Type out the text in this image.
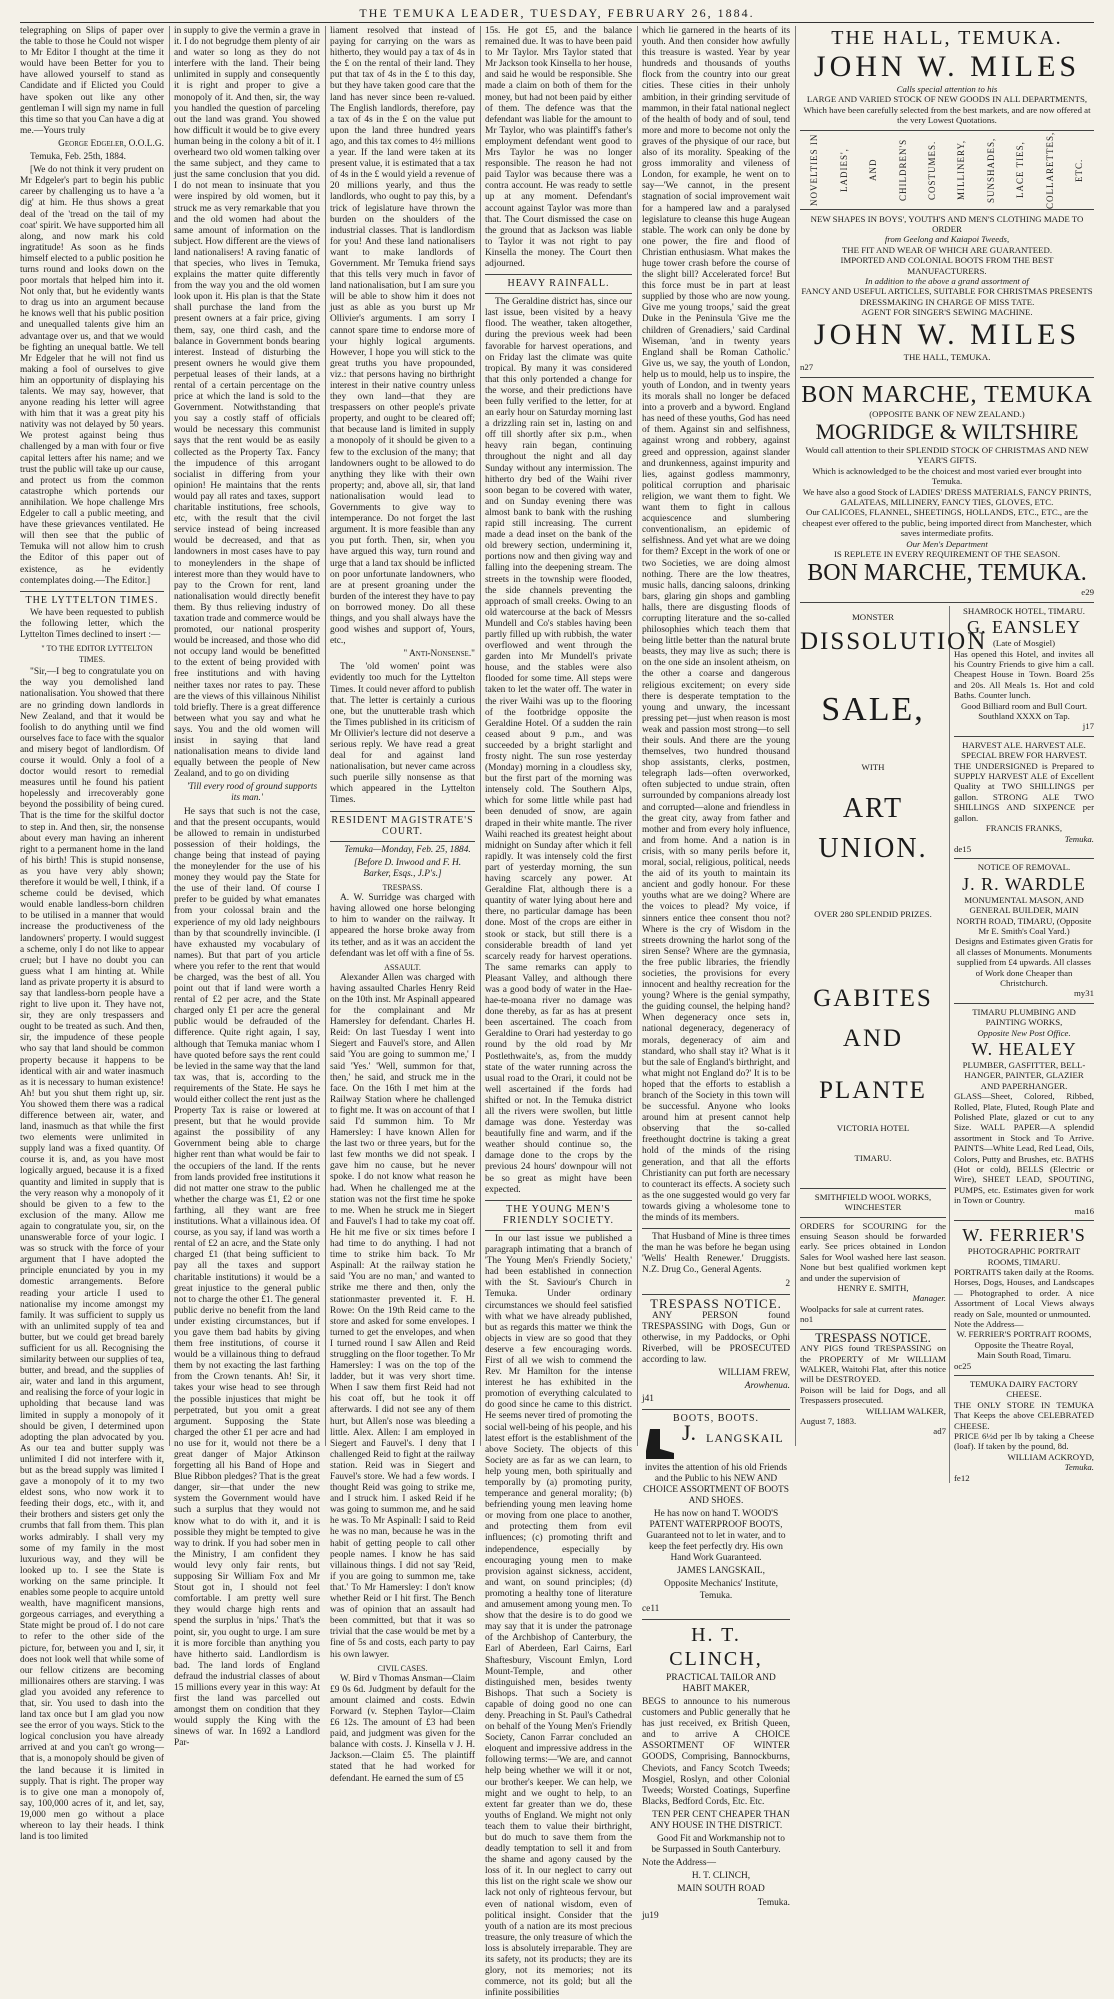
THE TEMUKA LEADER, TUESDAY, FEBRUARY 26, 1884.

telegraphing on Slips of paper over the table to those he Could not wisper to Mr Editor I thought at the time it would have been Better for you to have allowed yourself to stand as Candidate and if Elicted you Could have spoken out like any other gentleman I will sign my name in full this time so that you Can have a dig at me.—Yours truly

George Edgeler, O.O.L.G.

Temuka, Feb. 25th, 1884.

[We do not think it very prudent on Mr Edgeler's part to begin his public career by challenging us to have a 'a dig' at him. He thus shows a great deal of the 'tread on the tail of my coat' spirit. We have supported him all along, and now mark his cold ingratitude! As soon as he finds himself elected to a public position he turns round and looks down on the poor mortals that helped him into it. Not only that, but he evidently wants to drag us into an argument because he knows well that his public position and unequalled talents give him an advantage over us, and that we would be fighting an unequal battle. We tell Mr Edgeler that he will not find us making a fool of ourselves to give him an opportunity of displaying his talents. We may say, however, that anyone reading his letter will agree with him that it was a great pity his nativity was not delayed by 50 years. We protest against being thus challenged by a man with four or five capital letters after his name; and we trust the public will take up our cause, and protect us from the common catastrophe which portends our annihilation. We hope challenge Mrs Edgeler to call a public meeting, and have these grievances ventilated. He will then see that the public of Temuka will not allow him to crush the Editor of this paper out of existence, as he evidently contemplates doing.—The Editor.]

THE LYTTELTON TIMES.

We have been requested to publish the following letter, which the Lyttelton Times declined to insert :—

" TO THE EDITOR LYTTELTON TIMES.

"Sir,—I beg to congratulate you on the way you demolished land nationalisation. You showed that there are no grinding down landlords in New Zealand, and that it would be foolish to do anything until we find ourselves face to face with the squalor and misery begot of landlordism. Of course it would. Only a fool of a doctor would resort to remedial measures until he found his patient hopelessly and irrecoverably gone beyond the possibility of being cured. That is the time for the skilful doctor to step in. And then, sir, the nonsense about every man having an inherent right to a permanent home in the land of his birth! This is stupid nonsense, as you have very ably shown; therefore it would be well, I think, if a scheme could be devised, which would enable landless-born children to be utilised in a manner that would increase the productiveness of the landowners' property. I would suggest a scheme, only I do not like to appear cruel; but I have no doubt you can guess what I am hinting at. While land as private property it is absurd to say that landless-born people have a right to live upon it. They have not, sir, they are only trespassers and ought to be treated as such. And then, sir, the impudence of these people who say that land should be common property because it happens to be identical with air and water inasmuch as it is necessary to human existence! Ah! but you shut them right up, sir. You showed them there was a radical difference between air, water, and land, inasmuch as that while the first two elements were unlimited in supply land was a fixed quantity. Of course it is, and, as you have most logically argued, because it is a fixed quantity and limited in supply that is the very reason why a monopoly of it should be given to a few to the exclusion of the many. Allow me again to congratulate you, sir, on the unanswerable force of your logic. I was so struck with the force of your argument that I have adopted the principle enunciated by you in my domestic arrangements. Before reading your article I used to nationalise my income amongst my family. It was sufficient to supply us with an unlimited supply of tea and butter, but we could get bread barely sufficient for us all. Recognising the similarity between our supplies of tea, butter, and bread, and the supplies of air, water and land in this argument, and realising the force of your logic in upholding that because land was limited in supply a monopoly of it should be given, I determined upon adopting the plan advocated by you. As our tea and butter supply was unlimited I did not interfere with it, but as the bread supply was limited I gave a monopoly of it to my two eldest sons, who now work it to feeding their dogs, etc., with it, and their brothers and sisters get only the crumbs that fall from them. This plan works admirably. I shall very my some of my family in the most luxurious way, and they will be looked up to. I see the State is working on the same principle. It enables some people to acquire untold wealth, have magnificent mansions, gorgeous carriages, and everything a State might be proud of. I do not care to refer to the other side of the picture, for, between you and I, sir, it does not look well that while some of our fellow citizens are becoming millionaires others are starving. I was glad you avoided any reference to that, sir. You used to dash into the land tax once but I am glad you now see the error of you ways. Stick to the logical conclusion you have already arrived at and you can't go wrong—that is, a monopoly should be given of the land because it is limited in supply. That is right. The proper way is to give one man a monopoly of, say, 100,000 acres of it, and let, say, 19,000 men go without a place whereon to lay their heads. I think land is too limited

in supply to give the vermin a grave in it. I do not begrudge them plenty of air and water so long as they do not interfere with the land. Their being unlimited in supply and consequently it is right and proper to give a monopoly of it. And then, sir, the way you handled the question of parceling out the land was grand. You showed how difficult it would be to give every human being in the colony a bit of it. I overheard two old women talking over the same subject, and they came to just the same conclusion that you did. I do not mean to insinuate that you were inspired by old women, but it struck me as very remarkable that you and the old women had about the same amount of information on the subject. How different are the views of land nationalisers! A raving fanatic of that species, who lives in Temuka, explains the matter quite differently from the way you and the old women look upon it. His plan is that the State shall purchase the land from the present owners at a fair price, giving them, say, one third cash, and the balance in Government bonds bearing interest. Instead of disturbing the present owners he would give them perpetual leases of their lands, at a rental of a certain percentage on the price at which the land is sold to the Government. Notwithstanding that you say a costly staff of officials would be necessary this communist says that the rent would be as easily collected as the Property Tax. Fancy the impudence of this arrogant socialist in differing from your opinion! He maintains that the rents would pay all rates and taxes, support charitable institutions, free schools, etc, with the result that the civil service instead of being increased would be decreased, and that as landowners in most cases have to pay to moneylenders in the shape of interest more than they would have to pay to the Crown for rent, land nationalisation would directly benefit them. By thus relieving industry of taxation trade and commerce would be promoted, our national prosperity would be increased, and those who did not occupy land would be benefitted to the extent of being provided with free institutions and with having neither taxes nor rates to pay. These are the views of this villainous Nihilist told briefly. There is a great difference between what you say and what he says. You and the old women will insist in saying that land nationalisation means to divide land equally between the people of New Zealand, and to go on dividing

'Till every rood of ground supports its man.'

He says that such is not the case, and that the present occupants, would be allowed to remain in undisturbed possession of their holdings, the change being that instead of paying the moneylender for the use of his money they would pay the State for the use of their land. Of course I prefer to be guided by what emanates from your colossal brain and the experience of my old lady neighbours than by that scoundrelly invincible. (I have exhausted my vocabulary of names). But that part of you article where you refer to the rent that would be charged, was the best of all. You point out that if land were worth a rental of £2 per acre, and the State charged only £1 per acre the general public would be defrauded of the difference. Quite right again, I say, although that Temuka maniac whom I have quoted before says the rent could be levied in the same way that the land tax was, that is, according to the requirements of the State. He says he would either collect the rent just as the Property Tax is raise or lowered at present, but that he would provide against the possibility of any Government being able to charge higher rent than what would be fair to the occupiers of the land. If the rents from lands provided free institutions it did not matter one straw to the public whether the charge was £1, £2 or one farthing, all they want are free institutions. What a villainous idea. Of course, as you say, if land was worth a rental of £2 an acre, and the State only charged £1 (that being sufficient to pay all the taxes and support charitable institutions) it would be a great injustice to the general public not to charge the other £1. The general public derive no benefit from the land under existing circumstances, but if you gave them bad habits by giving them free institutions, of course it would be a villainous thing to defraud them by not exacting the last farthing from the Crown tenants. Ah! Sir, it takes your wise head to see through the possible injustices that might be perpetrated, but you omit a great argument. Supposing the State charged the other £1 per acre and had no use for it, would not there be a great danger of Major Atkinson forgetting all his Band of Hope and Blue Ribbon pledges? That is the great danger, sir—that under the new system the Government would have such a surplus that they would not know what to do with it, and it is possible they might be tempted to give way to drink. If you had sober men in the Ministry, I am confident they would levy only fair rents, but supposing Sir William Fox and Mr Stout got in, I should not feel comfortable. I am pretty well sure they would charge high rents and spend the surplus in 'nips.' That's the point, sir, you ought to urge. I am sure it is more forcible than anything you have hitherto said. Landlordism is bad. The land lords of England defraud the industrial classes of about 15 millions every year in this way: At first the land was parcelled out amongst them on condition that they would supply the King with the sinews of war. In 1692 a Landlord Par-

liament resolved that instead of paying for carrying on the wars as hitherto, they would pay a tax of 4s in the £ on the rental of their land. They put that tax of 4s in the £ to this day, but they have taken good care that the land has never since been re-valued. The English landlords, therefore, pay a tax of 4s in the £ on the value put upon the land three hundred years ago, and this tax comes to 4½ millions a year. If the land were taken at its present value, it is estimated that a tax of 4s in the £ would yield a revenue of 20 millions yearly, and thus the landlords, who ought to pay this, by a trick of legislature have thrown the burden on the shoulders of the industrial classes. That is landlordism for you! And these land nationalisers want to make landlords of Government. Mr Temuka friend says that this tells very much in favor of land nationalisation, but I am sure you will be able to show him it does not just as able as you burst up Mr Ollivier's arguments. I am sorry I cannot spare time to endorse more of your highly logical arguments. However, I hope you will stick to the great truths you have propounded, viz.: that persons having no birthright interest in their native country unless they own land—that they are trespassers on other people's private property, and ought to be cleared off; that because land is limited in supply a monopoly of it should be given to a few to the exclusion of the many; that landowners ought to be allowed to do anything they like with their own property; and, above all, sir, that land nationalisation would lead to Governments to give way to intemperance. Do not forget the last argument. It is more feasible than any you put forth. Then, sir, when you have argued this way, turn round and urge that a land tax should be inflicted on poor unfortunate landowners, who are at present groaning under the burden of the interest they have to pay on borrowed money. Do all these things, and you shall always have the good wishes and support of, Yours, etc.,

" Anti-Nonsense."

The 'old women' point was evidently too much for the Lyttelton Times. It could never afford to publish that. The letter is certainly a curious one, but the unutterable trash which the Times published in its criticism of Mr Ollivier's lecture did not deserve a serious reply. We have read a great deal for and against land nationalisation, but never came across such puerile silly nonsense as that which appeared in the Lyttelton Times.

RESIDENT MAGISTRATE'S COURT.

Temuka—Monday, Feb. 25, 1884.

[Before D. Inwood and F. H. Barker, Esqs., J.P's.]

TRESPASS.

A. W. Surridge was charged with having allowed one horse belonging to him to wander on the railway. It appeared the horse broke away from its tether, and as it was an accident the defendant was let off with a fine of 5s.

ASSAULT.

Alexander Allen was charged with having assaulted Charles Henry Reid on the 10th inst. Mr Aspinall appeared for the complainant and Mr Hamersley for defendant. Charles H. Reid: On last Tuesday I went into Siegert and Fauvel's store, and Allen said 'You are going to summon me,' I said 'Yes.' 'Well, summon for that, then,' he said, and struck me in the face. On the 16th I met him at the Railway Station where he challenged to fight me. It was on account of that I said I'd summon him. To Mr Hamersley: I have known Allen for the last two or three years, but for the last few months we did not speak. I gave him no cause, but he never spoke. I do not know what reason he had. When he challenged me at the station was not the first time he spoke to me. When he struck me in Siegert and Fauvel's I had to take my coat off. He hit me five or six times before I had time to do anything. I had not time to strike him back. To Mr Aspinall: At the railway station he said 'You are no man,' and wanted to strike me there and then, only the stationmaster prevented it. F. H. Rowe: On the 19th Reid came to the store and asked for some envelopes. I turned to get the envelopes, and when I turned round I saw Allen and Reid struggling on the floor together. To Mr Hamersley: I was on the top of the ladder, but it was very short time. When I saw them first Reid had not his coat off, but he took it off afterwards. I did not see any of them hurt, but Allen's nose was bleeding a little. Alex. Allen: I am employed in Siegert and Fauvel's. I deny that I challenged Reid to fight at the railway station. Reid was in Siegert and Fauvel's store. We had a few words. I thought Reid was going to strike me, and I struck him. I asked Reid if he was going to summon me, and he said he was. To Mr Aspinall: I said to Reid he was no man, because he was in the habit of getting people to call other people names. I know he has said villainous things. I did not say 'Reid, if you are going to summon me, take that.' To Mr Hamersley: I don't know whether Reid or I hit first. The Bench was of opinion that an assault had been committed, but that it was so trivial that the case would be met by a fine of 5s and costs, each party to pay his own lawyer.

CIVIL CASES.

W. Bird v Thomas Ansman—Claim £9 0s 6d. Judgment by default for the amount claimed and costs. Edwin Forward (v. Stephen Taylor—Claim £6 12s. The amount of £3 had been paid, and judgment was given for the balance with costs. J. Kinsella v J. H. Jackson.—Claim £5. The plaintiff stated that he had worked for defendant. He earned the sum of £5

15s. He got £5, and the balance remained due. It was to have been paid to Mr Taylor. Mrs Taylor stated that Mr Jackson took Kinsella to her house, and said he would be responsible. She made a claim on both of them for the money, but had not been paid by either of them. The defence was that the defendant was liable for the amount to Mr Taylor, who was plaintiff's father's employment defendant went good to Mrs Taylor he was no longer responsible. The reason he had not paid Taylor was because there was a contra account. He was ready to settle up at any moment. Defendant's account against Taylor was more than that. The Court dismissed the case on the ground that as Jackson was liable to Taylor it was not right to pay Kinsella the money. The Court then adjourned.

HEAVY RAINFALL.

The Geraldine district has, since our last issue, been visited by a heavy flood. The weather, taken altogether, during the previous week had been favorable for harvest operations, and on Friday last the climate was quite tropical. By many it was considered that this only portended a change for the worse, and their predictions have been fully verified to the letter, for at an early hour on Saturday morning last a drizzling rain set in, lasting on and off till shortly after six p.m., when heavy rain began, continuing throughout the night and all day Sunday without any intermission. The hitherto dry bed of the Waihi river soon began to be covered with water, and on Sunday evening there was almost bank to bank with the rushing rapid still increasing. The current made a dead inset on the bank of the old brewery section, undermining it, portions now and then giving way and falling into the deepening stream. The streets in the township were flooded, the side channels preventing the approach of small creeks. Owing to an old watercourse at the back of Messrs Mundell and Co's stables having been partly filled up with rubbish, the water overflowed and went through the garden into Mr Mundell's private house, and the stables were also flooded for some time. All steps were taken to let the water off. The water in the river Waihi was up to the flooring of the footbridge opposite the Geraldine Hotel. Of a sudden the rain ceased about 9 p.m., and was succeeded by a bright starlight and frosty night. The sun rose yesterday (Monday) morning in a cloudless sky, but the first part of the morning was intensely cold. The Southern Alps, which for some little while past had been denuded of snow, are again draped in their white mantle. The river Waihi reached its greatest height about midnight on Sunday after which it fell rapidly. It was intensely cold the first part of yesterday morning, the sun having scarcely any power. At Geraldine Flat, although there is a quantity of water lying about here and there, no particular damage has been done. Most of the crops are either in stook or stack, but still there is a considerable breadth of land yet scarcely ready for harvest operations. The same remarks can apply to Pleasant Valley, and although there was a good body of water in the Hae-hae-te-moana river no damage was done thereby, as far as has at present been ascertained. The coach from Geraldine to Orari had yesterday to go round by the old road by Mr Postlethwaite's, as, from the muddy state of the water running across the usual road to the Orari, it could not be well ascertained if the fords had shifted or not. In the Temuka district all the rivers were swollen, but little damage was done. Yesterday was beautifully fine and warm, and if the weather should continue so, the damage done to the crops by the previous 24 hours' downpour will not be so great as might have been expected.

THE YOUNG MEN'S FRIENDLY SOCIETY.

In our last issue we published a paragraph intimating that a branch of 'The Young Men's Friendly Society,' had been established in connection with the St. Saviour's Church in Temuka. Under ordinary circumstances we should feel satisfied with what we have already published, but as regards this matter we think the objects in view are so good that they deserve a few encouraging words. First of all we wish to commend the Rev. Mr Hamilton for the intense interest he has exhibited in the promotion of everything calculated to do good since he came to this district. He seems never tired of promoting the social well-being of his people, and his latest effort is the establishment of the above Society. The objects of this Society are as far as we can learn, to help young men, both spiritually and temporally by (a) promoting purity, temperance and general morality; (b) befriending young men leaving home or moving from one place to another, and protecting them from evil influences; (c) promoting thrift and independence, especially by encouraging young men to make provision against sickness, accident, and want, on sound principles; (d) promoting a healthy tone of literature and amusement among young men. To show that the desire is to do good we may say that it is under the patronage of the Archbishop of Canterbury, the Earl of Aberdeen, Earl Cairns, Earl Shaftesbury, Viscount Emlyn, Lord Mount-Temple, and other distinguished men, besides twenty Bishops. That such a Society is capable of doing good no one can deny. Preaching in St. Paul's Cathedral on behalf of the Young Men's Friendly Society, Canon Farrar concluded an eloquent and impressive address in the following terms:—'We are, and cannot help being whether we will it or not, our brother's keeper. We can help, we might and we ought to help, to an extent far greater than we do, these youths of England. We might not only teach them to value their birthright, but do much to save them from the deadly temptation to sell it and from the shame and agony caused by the loss of it. In our neglect to carry out this list on the right scale we show our lack not only of righteous fervour, but even of national wisdom, even of political insight. Consider that the youth of a nation are its most precious treasure, the only treasure of which the loss is absolutely irreparable. They are its safety, not its products; they are its glory, not its memories; not its commerce, not its gold; but all the infinite possibilities

which lie garnered in the hearts of its youth. And then consider how awfully this treasure is wasted. Year by year hundreds and thousands of youths flock from the country into our great cities. These cities in their unholy ambition, in their grinding servitude of mammon, in their fatal national neglect of the health of body and of soul, tend more and more to become not only the graves of the physique of our race, but also of its morality. Speaking of the gross immorality and vileness of London, for example, he went on to say—'We cannot, in the present stagnation of social improvement wait for a hampered law and a paralysed legislature to cleanse this huge Augean stable. The work can only be done by one power, the fire and flood of Christian enthusiasm. What makes the huge tower crash before the course of the slight bill? Accelerated force! But this force must be in part at least supplied by those who are now young. Give me young troops,' said the great Duke in the Peninsula 'Give me the children of Grenadiers,' said Cardinal Wiseman, 'and in twenty years England shall be Roman Catholic.' Give us, we say, the youth of London, help us to mould, help us to inspire, the youth of London, and in twenty years its morals shall no longer be defaced into a proverb and a byword. England has need of these youths, God has need of them. Against sin and selfishness, against wrong and robbery, against greed and oppression, against slander and drunkenness, against impurity and lies, against godless mammonry, political corruption and pharisaic religion, we want them to fight. We want them to fight in callous acquiescence and slumbering conventionalism, an epidemic of selfishness. And yet what are we doing for them? Except in the work of one or two Societies, we are doing almost nothing. There are the low theatres, music halls, dancing saloons, drinking bars, glaring gin shops and gambling halls, there are disgusting floods of corrupting literature and the so-called philosophies which teach them that being little better than the natural brute beasts, they may live as such; there is on the one side an insolent atheism, on the other a coarse and dangerous religious excitement; on every side there is desperate temptation to the young and unwary, the incessant pressing pet—just when reason is most weak and passion most strong—to sell their souls. And there are the young themselves, two hundred thousand shop assistants, clerks, postmen, telegraph lads—often overworked, often subjected to undue strain, often surrounded by companions already lost and corrupted—alone and friendless in the great city, away from father and mother and from every holy influence, and from home. And a nation is in crisis, with so many perils before it, moral, social, religious, political, needs the aid of its youth to maintain its ancient and godly honour. For these youths what are we doing? Where are the voices to plead? My voice, if sinners entice thee consent thou not? Where is the cry of Wisdom in the streets drowning the harlot song of the siren Sense? Where are the gymnasia, the free public libraries, the friendly societies, the provisions for every innocent and healthy recreation for the young? Where is the genial sympathy, the guiding counsel, the helping hand? When degeneracy once sets in, national degeneracy, degeneracy of morals, degeneracy of aim and standard, who shall stay it? What is it but the sale of England's birthright, and what might not England do?' It is to be hoped that the efforts to establish a branch of the Society in this town will be successful. Anyone who looks around him at present cannot help observing that the so-called freethought doctrine is taking a great hold of the minds of the rising generation, and that all the efforts Christianity can put forth are necessary to counteract its effects. A society such as the one suggested would go very far towards giving a wholesome tone to the minds of its members.

That Husband of Mine is three times the man he was before he began using 'Wells' Health Renewer.' Druggists. N.Z. Drug Co., General Agents.

2

TRESPASS NOTICE.

ANY PERSON found TRESPASSING with Dogs, Gun or otherwise, in my Paddocks, or Ophi Riverbed, will be PROSECUTED according to law.

WILLIAM FREW,

Arowhenua.

j41

BOOTS, BOOTS.
J. LANGSKAIL

invites the attention of his old Friends and the Public to his NEW AND CHOICE ASSORTMENT OF BOOTS AND SHOES.

He has now on hand T. WOOD'S PATENT WATERPROOF BOOTS, Guaranteed not to let in water, and to keep the feet perfectly dry. His own Hand Work Guaranteed.

JAMES LANGSKAIL,

Opposite Mechanics' Institute, Temuka.

ce11

H. T. CLINCH,

PRACTICAL TAILOR AND HABIT MAKER,

BEGS to announce to his numerous customers and Public generally that he has just received, ex British Queen, and to arrive A CHOICE ASSORTMENT OF WINTER GOODS, Comprising, Bannockburns, Cheviots, and Fancy Scotch Tweeds; Mosgiel, Roslyn, and other Colonial Tweeds; Worsted Coatings, Superfine Blacks, Bedford Cords, Etc. Etc.

TEN PER CENT CHEAPER THAN ANY HOUSE IN THE DISTRICT.

Good Fit and Workmanship not to be Surpassed in South Canterbury.

Note the Address—

H. T. CLINCH,

MAIN SOUTH ROAD

Temuka.

ju19

THE HALL, TEMUKA.
JOHN W. MILES
Calls special attention to his
LARGE AND VARIED STOCK OF NEW GOODS IN ALL DEPARTMENTS,
Which have been carefully selected from the best markets, and are now offered at the very Lowest Quotations.
NOVELTIES IN LADIES', AND CHILDREN'S COSTUMES. MILLINERY, SUNSHADES, LACE TIES, COLLARETTES, ETC.
NEW SHAPES IN BOYS', YOUTH'S AND MEN'S CLOTHING MADE TO ORDER
from Geelong and Kaiapoi Tweeds,
THE FIT AND WEAR OF WHICH ARE GUARANTEED.
IMPORTED AND COLONIAL BOOTS FROM THE BEST MANUFACTURERS.
In addition to the above a grand assortment of
FANCY AND USEFUL ARTICLES, SUITABLE FOR CHRISTMAS PRESENTS
DRESSMAKING IN CHARGE OF MISS TATE.
AGENT FOR SINGER'S SEWING MACHINE.
JOHN W. MILES
THE HALL, TEMUKA.
n27
BON MARCHE, TEMUKA
(OPPOSITE BANK OF NEW ZEALAND.)
MOGRIDGE & WILTSHIRE
Would call attention to their SPLENDID STOCK OF CHRISTMAS AND NEW YEAR'S GIFTS.
Which is acknowledged to be the choicest and most varied ever brought into Temuka.
We have also a good Stock of LADIES' DRESS MATERIALS, FANCY PRINTS, GALATEAS, MILLINERY, FANCY TIES, GLOVES, ETC.
Our CALICOES, FLANNEL, SHEETINGS, HOLLANDS, ETC., ETC., are the cheapest ever offered to the public, being imported direct from Manchester, which saves intermediate profits.
Our Men's Department
IS REPLETE IN EVERY REQUIREMENT OF THE SEASON.
BON MARCHE, TEMUKA.
e29
MONSTER
DISSOLUTION
SALE,
WITH
ART UNION.
OVER 280 SPLENDID PRIZES.
GABITES AND
PLANTE
VICTORIA HOTEL
TIMARU.
SMITHFIELD WOOL WORKS, WINCHESTER
ORDERS for SCOURING for the ensuing Season should be forwarded early. See prices obtained in London Sales for Wool washed here last season. None but best qualified workmen kept and under the supervision of
HENRY E. SMITH,
Manager.
Woolpacks for sale at current rates.
no1
TRESPASS NOTICE.
ANY PIGS found TRESPASSING on the PROPERTY of Mr WILLIAM WALKER, Waitohi Flat, after this notice will be DESTROYED.
Poison will be laid for Dogs, and all Trespassers prosecuted.
WILLIAM WALKER,
August 7, 1883.
ad7
SHAMROCK HOTEL, TIMARU.
G. EANSLEY
(Late of Mosgiel)
Has opened this Hotel, and invites all his Country Friends to give him a call. Cheapest House in Town. Board 25s and 20s. All Meals 1s. Hot and cold Baths. Counter lunch.
Good Billiard room and Bull Court.
Southland XXXX on Tap.
j17
HARVEST ALE. HARVEST ALE.
SPECIAL BREW FOR HARVEST.
THE UNDERSIGNED is Prepared to SUPPLY HARVEST ALE of Excellent Quality at TWO SHILLINGS per gallon. STRONG ALE TWO SHILLINGS AND SIXPENCE per gallon.
FRANCIS FRANKS,
Temuka.
de15
NOTICE OF REMOVAL.
J. R. WARDLE
MONUMENTAL MASON, AND GENERAL BUILDER, MAIN NORTH ROAD, TIMARU, (Opposite Mr E. Smith's Coal Yard.)
Designs and Estimates given Gratis for all classes of Monuments. Monuments supplied from £4 upwards. All classes of Work done Cheaper than Christchurch.
my31
TIMARU PLUMBING AND PAINTING WORKS,
Opposite New Post Office.
W. HEALEY
PLUMBER, GASFITTER, BELL-HANGER, PAINTER, GLAZIER AND PAPERHANGER.
GLASS—Sheet, Colored, Ribbed, Rolled, Plate, Fluted, Rough Plate and Polished Plate, glazed or cut to any Size. WALL PAPER—A splendid assortment in Stock and To Arrive. PAINTS—White Lead, Red Lead, Oils, Colors, Putty and Brushes, etc. BATHS (Hot or cold), BELLS (Electric or Wire), SHEET LEAD, SPOUTING, PUMPS, etc. Estimates given for work in Town or Country.
ma16
W. FERRIER'S
PHOTOGRAPHIC PORTRAIT ROOMS, TIMARU.
PORTRAITS taken daily at the Rooms. Horses, Dogs, Houses, and Landscapes — Photographed to order. A nice Assortment of Local Views always ready on Sale, mounted or unmounted.
Note the Address—
W. FERRIER'S PORTRAIT ROOMS,
Opposite the Theatre Royal,
Main South Road, Timaru.
oc25
TEMUKA DAIRY FACTORY CHEESE.
THE ONLY STORE IN TEMUKA That Keeps the above CELEBRATED CHEESE.
PRICE 6½d per lb by taking a Cheese (loaf). If taken by the pound, 8d.
WILLIAM ACKROYD,
Temuka.
fe12
